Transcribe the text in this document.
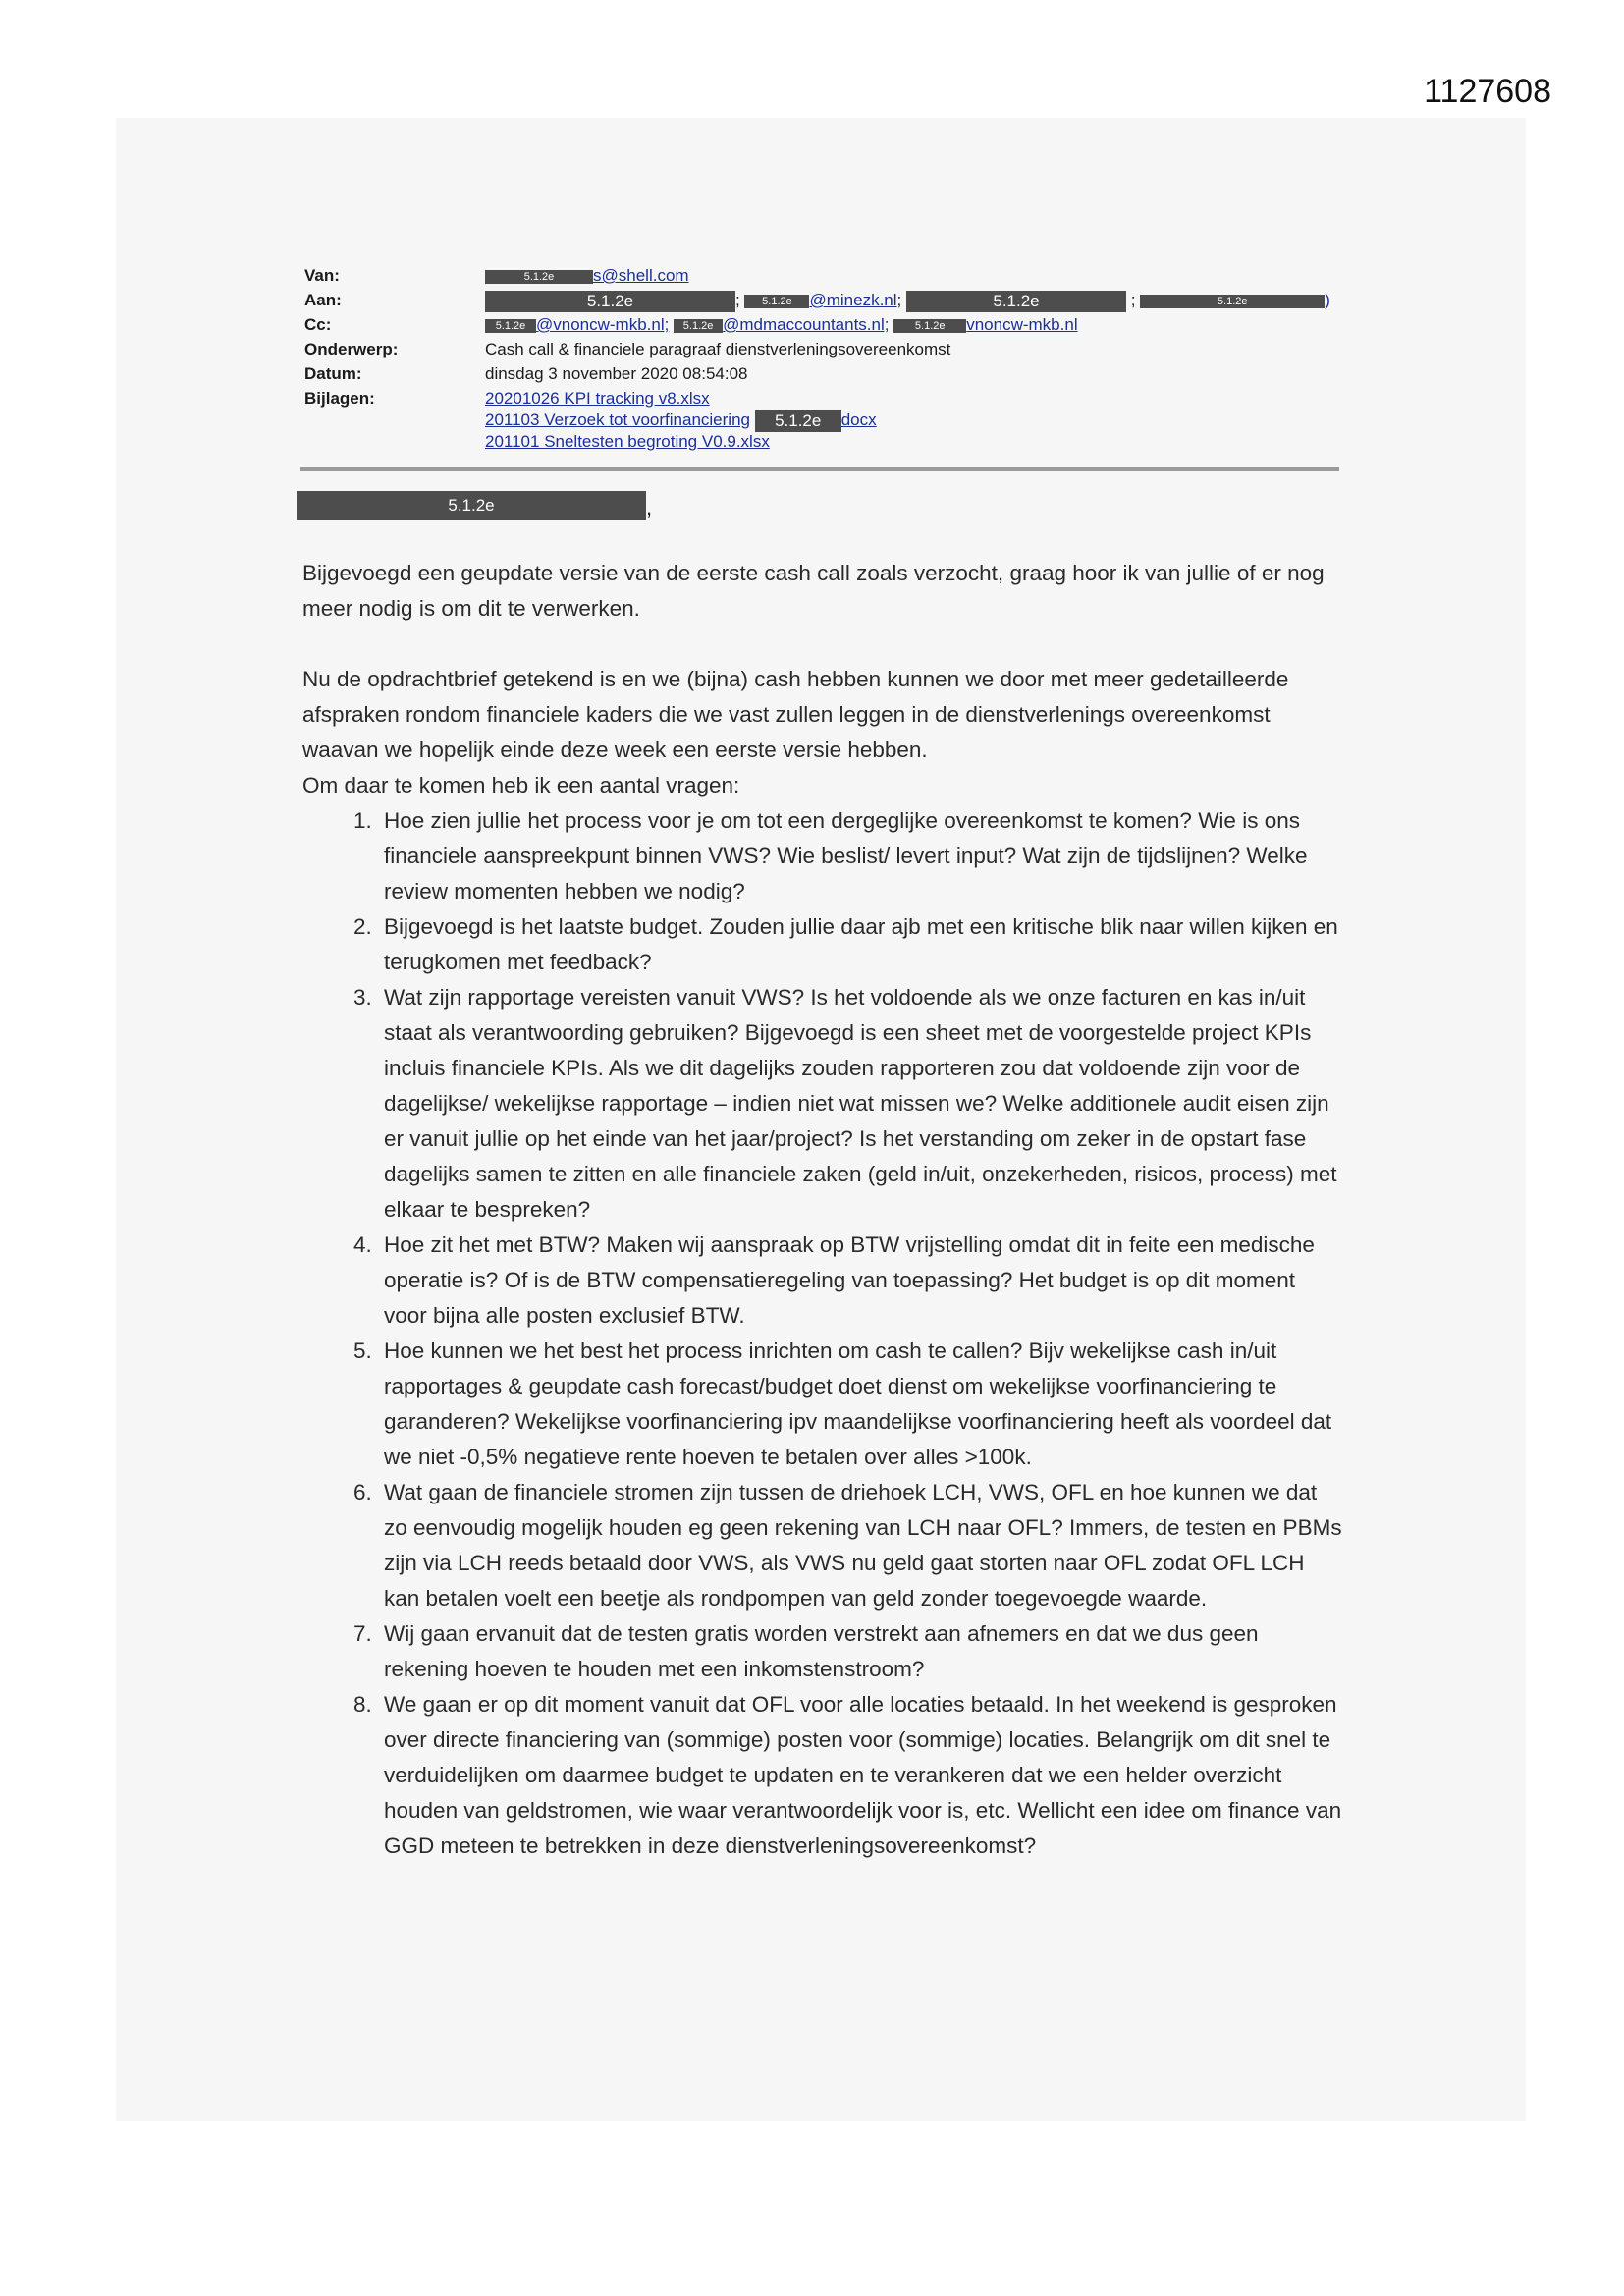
1127608
Van:	5.1.2e s@shell.com
Aan:	5.1.2e	; 5.1.2e @minezk.nl;	5.1.2e	;	5.1.2e	)
Cc:	5.1.2e @vnoncw-mkb.nl; 5.1.2e @mdmaccountants.nl; 5.1.2e vnoncw-mkb.nl
Onderwerp:	Cash call & financiele paragraaf dienstverleningsovereenkomst
Datum:	dinsdag 3 november 2020 08:54:08
Bijlagen:	20201026 KPI tracking v8.xlsx
201103 Verzoek tot voorfinanciering 5.1.2e docx
201101 Sneltesten begroting V0.9.xlsx
5.1.2e	,

Bijgevoegd een geupdate versie van de eerste cash call zoals verzocht, graag hoor ik van jullie of er nog meer nodig is om dit te verwerken.

Nu de opdrachtbrief getekend is en we (bijna) cash hebben kunnen we door met meer gedetailleerde afspraken rondom financiele kaders die we vast zullen leggen in de dienstverlenings overeenkomst waavan we hopelijk einde deze week een eerste versie hebben.

Om daar te komen heb ik een aantal vragen:

1. Hoe zien jullie het process voor je om tot een dergeglijke overeenkomst te komen? Wie is ons financiele aanspreekpunt binnen VWS? Wie beslist/ levert input? Wat zijn de tijdslijnen? Welke review momenten hebben we nodig?
2. Bijgevoegd is het laatste budget. Zouden jullie daar ajb met een kritische blik naar willen kijken en terugkomen met feedback?
3. Wat zijn rapportage vereisten vanuit VWS? Is het voldoende als we onze facturen en kas in/uit staat als verantwoording gebruiken? Bijgevoegd is een sheet met de voorgestelde project KPIs incluis financiele KPIs. Als we dit dagelijks zouden rapporteren zou dat voldoende zijn voor de dagelijkse/ wekelijkse rapportage – indien niet wat missen we? Welke additionele audit eisen zijn er vanuit jullie op het einde van het jaar/project? Is het verstanding om zeker in de opstart fase dagelijks samen te zitten en alle financiele zaken (geld in/uit, onzekerheden, risicos, process) met elkaar te bespreken?
4. Hoe zit het met BTW? Maken wij aanspraak op BTW vrijstelling omdat dit in feite een medische operatie is? Of is de BTW compensatieregeling van toepassing? Het budget is op dit moment voor bijna alle posten exclusief BTW.
5. Hoe kunnen we het best het process inrichten om cash te callen? Bijv wekelijkse cash in/uit rapportages & geupdate cash forecast/budget doet dienst om wekelijkse voorfinanciering te garanderen? Wekelijkse voorfinanciering ipv maandelijkse voorfinanciering heeft als voordeel dat we niet -0,5% negatieve rente hoeven te betalen over alles >100k.
6. Wat gaan de financiele stromen zijn tussen de driehoek LCH, VWS, OFL en hoe kunnen we dat zo eenvoudig mogelijk houden eg geen rekening van LCH naar OFL? Immers, de testen en PBMs zijn via LCH reeds betaald door VWS, als VWS nu geld gaat storten naar OFL zodat OFL LCH kan betalen voelt een beetje als rondpompen van geld zonder toegevoegde waarde.
7. Wij gaan ervanuit dat de testen gratis worden verstrekt aan afnemers en dat we dus geen rekening hoeven te houden met een inkomstenstroom?
8. We gaan er op dit moment vanuit dat OFL voor alle locaties betaald. In het weekend is gesproken over directe financiering van (sommige) posten voor (sommige) locaties. Belangrijk om dit snel te verduidelijken om daarmee budget te updaten en te verankeren dat we een helder overzicht houden van geldstromen, wie waar verantwoordelijk voor is, etc. Wellicht een idee om finance van GGD meteen te betrekken in deze dienstverleningsovereenkomst?
